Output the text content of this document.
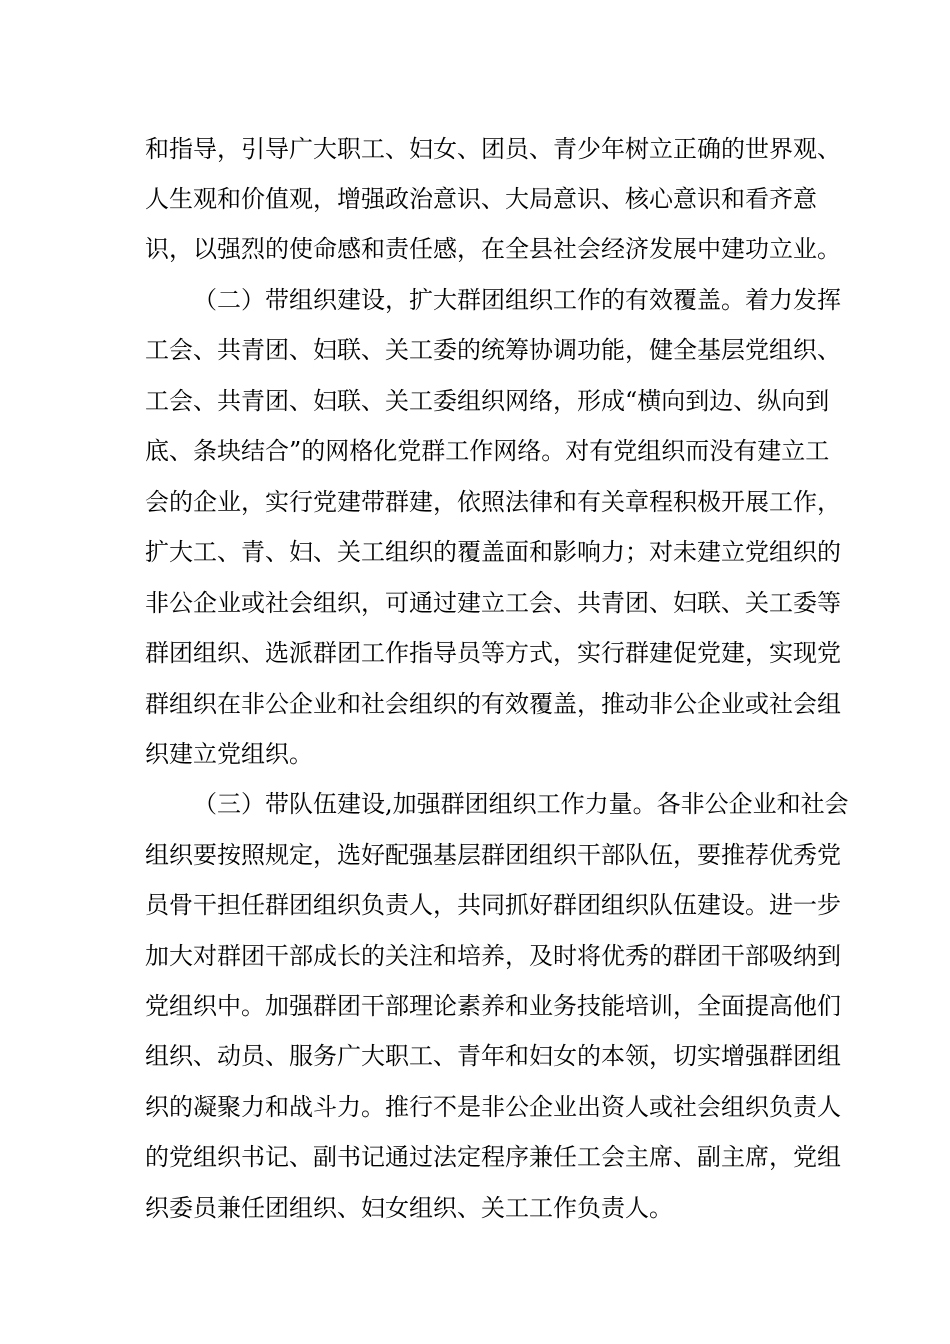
和指导，引导广大职工、妇女、团员、青少年树立正确的世界观、

人生观和价值观，增强政治意识、大局意识、核心意识和看齐意

识，以强烈的使命感和责任感，在全县社会经济发展中建功立业。

（二）带组织建设，扩大群团组织工作的有效覆盖。着力发挥

工会、共青团、妇联、关工委的统筹协调功能，健全基层党组织、

工会、共青团、妇联、关工委组织网络，形成“横向到边、纵向到

底、条块结合”的网格化党群工作网络。对有党组织而没有建立工

会的企业，实行党建带群建，依照法律和有关章程积极开展工作，

扩大工、青、妇、关工组织的覆盖面和影响力；对未建立党组织的

非公企业或社会组织，可通过建立工会、共青团、妇联、关工委等

群团组织、选派群团工作指导员等方式，实行群建促党建，实现党

群组织在非公企业和社会组织的有效覆盖，推动非公企业或社会组

织建立党组织。

（三）带队伍建设,加强群团组织工作力量。各非公企业和社会

组织要按照规定，选好配强基层群团组织干部队伍，要推荐优秀党

员骨干担任群团组织负责人，共同抓好群团组织队伍建设。进一步

加大对群团干部成长的关注和培养，及时将优秀的群团干部吸纳到

党组织中。加强群团干部理论素养和业务技能培训，全面提高他们

组织、动员、服务广大职工、青年和妇女的本领，切实增强群团组

织的凝聚力和战斗力。推行不是非公企业出资人或社会组织负责人

的党组织书记、副书记通过法定程序兼任工会主席、副主席，党组

织委员兼任团组织、妇女组织、关工工作负责人。
